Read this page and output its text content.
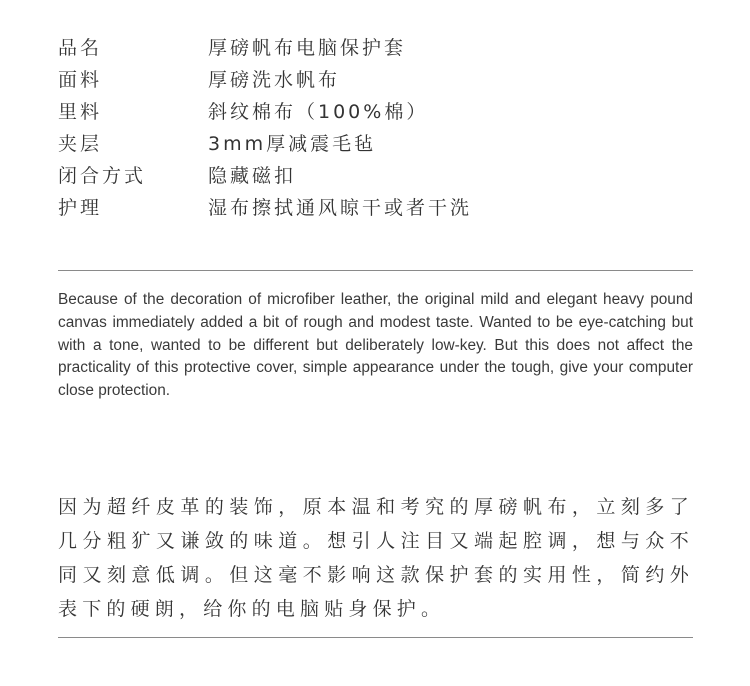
品名	厚磅帆布电脑保护套
面料	厚磅洗水帆布
里料	斜纹棉布（100%棉）
夹层	3mm厚减震毛毡
闭合方式	隐藏磁扣
护理	湿布擦拭通风晾干或者干洗

Because of the decoration of microfiber leather, the original mild and elegant heavy pound canvas immediately added a bit of rough and modest taste. Wanted to be eye-catching but with a tone, wanted to be different but deliberately low-key. But this does not affect the practicality of this protective cover, simple appearance under the tough, give your computer close protection.

因为超纤皮革的装饰，原本温和考究的厚磅帆布，立刻多了几分粗犷又谦敛的味道。想引人注目又端起腔调，想与众不同又刻意低调。但这毫不影响这款保护套的实用性，简约外表下的硬朗，给你的电脑贴身保护。
